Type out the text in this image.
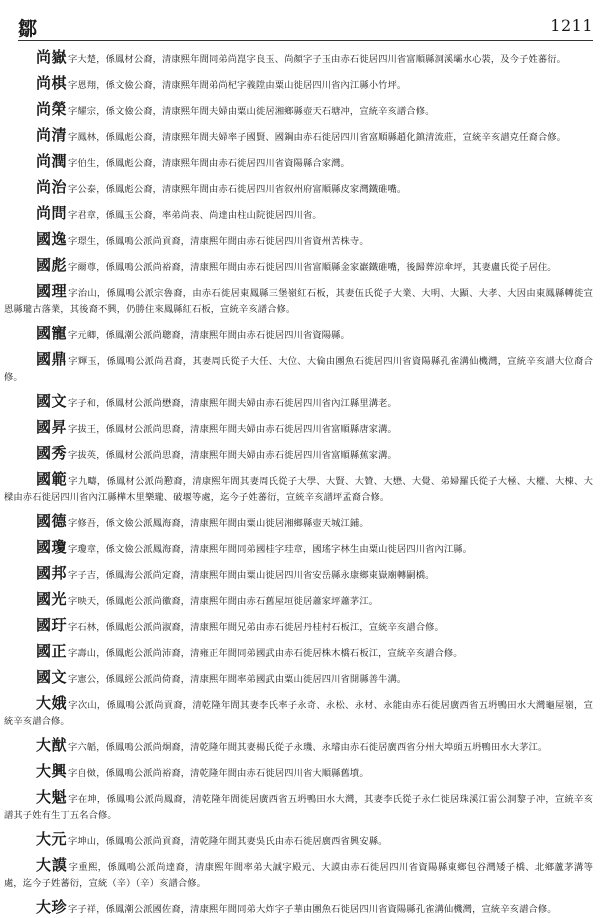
鄒	1211

尚嶽字大楚，係鳳材公裔，清康熙年間同弟尚崑字良玉、尚顏字子玉由赤石徙居四川省富順縣洞溪壩水心裝，及今子姓蕃衍。

尚棋字恩翔，係文儉公裔，清康熙年間弟尚杞字義陞由粟山徙居四川省內江縣小竹坪。

尚榮字耀宗，係文儉公裔，清康熙年間夫婦由粟山徙居湘鄉縣壺天石塘冲，宣統辛亥譜合修。

尚清字鳳林，係鳳彪公裔，清康熙年間夫婦率子國賢、國鋼由赤石徙居四川省富順縣趙化鎮清流莊，宣統辛亥譜克任裔合修。

尚潤字伯生，係鳳彪公裔，清康熙年間由赤石徙居四川省資陽縣合家灣。

尚治字公泰，係鳳彪公裔，清康熙年間由赤石徙居四川省叙州府富順縣皮家灣鐵碓嘴。

尚問字君章，係鳳玉公裔，率弟尚表、尚達由柱山院徙居四川省。

國逸字璟生，係鳳鳴公派尚貢裔，清康熙年間由赤石徙居四川省資州苦株寺。

國彪字爾尊，係鳳鳴公派尚裕裔，清康熙年間由赤石徙居四川省富順縣金家巖鐵碓嘴，後歸葬涼傘坪，其妻盧氏從子居住。

國理字治山，係鳳鳴公派宗魯裔，由赤石徙居東鳳縣三堡嶺紅石板，其妻伍氏從子大業、大明、大顯、大孝、大因由東鳳縣轉徙宣恩縣瓏古落業，其後裔不興，仍勝住來鳳縣紅石板，宣統辛亥譜合修。

國寵字元卿，係鳳潮公派尚聰裔，清康熙年間由赤石徙居四川省資陽縣。

國鼎字輝玉，係鳳鳴公派尚君裔，其妻周氏從子大任、大位、大倫由團魚石徙居四川省資陽縣孔雀溝仙機灣，宣統辛亥譜大位裔合修。

國文字子和，係鳳材公派尚懋裔，清康熙年間夫婦由赤石徙居四川省內江縣里溝老。

國昇字拔王，係鳳材公派尚思裔，清康熙年間夫婦由赤石徙居四川省富順縣唐家溝。

國秀字拔英，係鳳材公派尚思裔，清康熙年間夫婦由赤石徙居四川省富順縣蕉家溝。

國範字九疇，係鳳材公派尚懃裔，清康熙年間其妻周氏從子大學、大賢、大贊、大懋、大覺、弟婦羅氏從子大極、大權、大棟、大樑由赤石徙居四川省內江縣樺木里樂瓏、破堰等處，迄今子姓蕃衍，宣統辛亥譜坪孟裔合修。

國德字修吾，係文儉公派鳳海裔，清康熙年間由粟山徙居湘鄉縣壺天城江鋪。

國瓊字瓊章，係文儉公派鳳海裔，清康熙年間同弟國桂字珪章，國瑤字林生由粟山徙居四川省內江縣。

國邦字子吉，係鳳海公派尚定裔，清康熙年間由粟山徙居四川省安岳縣永康鄉東嶽廟轉嗣橋。

國光字映天，係鳳彪公派尚徽裔，清康熙年間由赤石舊屋垣徙居蕭家坪蕭茅江。

國玗字石林，係鳳彪公派尚淑裔，清康熙年間兄弟由赤石徙居丹桂村石板江，宣統辛亥譜合修。

國正字壽山，係鳳彪公派尚沛裔，清雍正年間同弟國武由赤石徙居株木橋石板江，宣統辛亥譜合修。

國文字憲公，係鳳經公派尚倚裔，清康熙年間率弟國武由粟山徙居四川省開縣善牛溝。

大娥字次山，係鳳鳴公派尚貢裔，清乾隆年間其妻李氏率子永奇、永松、永材、永能由赤石徙居廣西省五坍鴨田水大灣龜屋嶺，宣統辛亥譜合修。

大猷字六韜，係鳳鳴公派尚炯裔，清乾隆年間其妻楊氏從子永璣、永璿由赤石徙居廣西省分州大埠頭五坍鴨田水大茅江。

大興字自傚，係鳳鳴公派尚裕裔，清乾隆年間由赤石徙居四川省大順縣舊墳。

大魁字在坤，係鳳鳴公派尚鳳裔，清乾隆年間徙居廣西省五坍鴨田水大灣，其妻李氏從子永仁徙居珠溪江雷公洞黎子冲，宣統辛亥譜其子姓有生丁五名合修。

大元字坤山，係鳳鳴公派尚貢裔，清乾隆年間其妻吳氏由赤石徙居廣西省興安縣。

大謨字重熙，係鳳鳴公派尚達裔，清康熙年間率弟大誠字殿元、大謨由赤石徙居四川省資陽縣東鄉包谷灣矮子橋、北鄉蘆茅溝等處，迄今子姓蕃衍，宣統（辛）（辛）亥譜合修。

大珍字子祥，係鳳潮公派國佐裔，清康熙年間同弟大炸字子華由團魚石徙居四川省資陽縣孔雀溝仙機灣，宣統辛亥譜合修。
